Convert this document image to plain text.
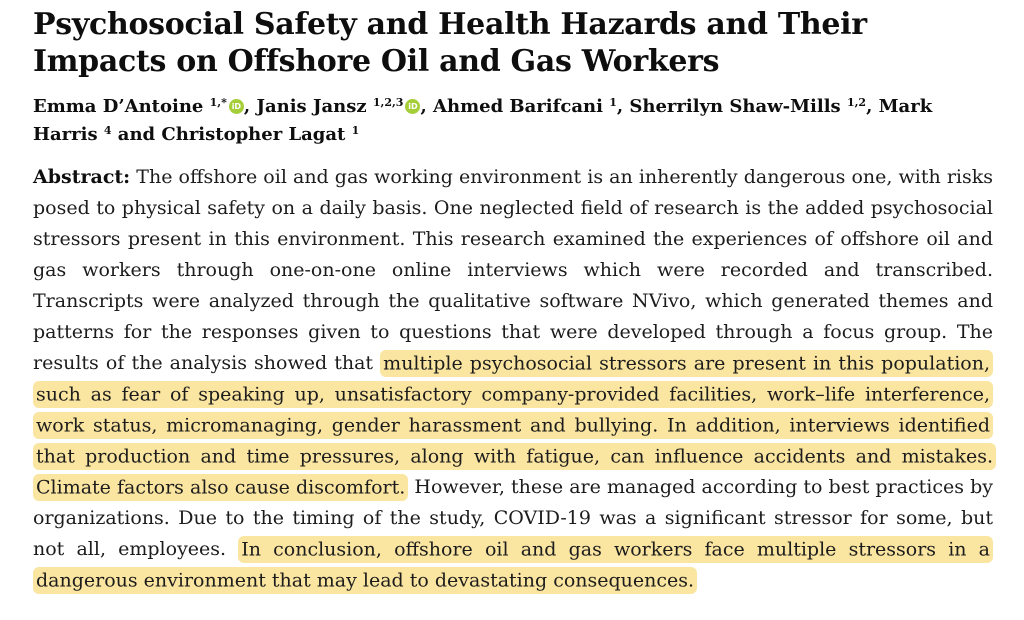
Psychosocial Safety and Health Hazards and Their Impacts on Offshore Oil and Gas Workers

Emma D’Antoine $^{1,*}$ iD , Janis Jansz $^{1,2,3}$ iD , Ahmed Barifcani $^1$, Sherrilyn Shaw-Mills $^{1,2}$, Mark Harris $^4$ and Christopher Lagat $^1$

Abstract: The offshore oil and gas working environment is an inherently dangerous one, with risks posed to physical safety on a daily basis. One neglected field of research is the added psychosocial stressors present in this environment. This research examined the experiences of offshore oil and gas workers through one-on-one online interviews which were recorded and transcribed. Transcripts were analyzed through the qualitative software NVivo, which generated themes and patterns for the responses given to questions that were developed through a focus group. The results of the analysis showed that multiple psychosocial stressors are present in this population, such as fear of speaking up, unsatisfactory company-provided facilities, work–life interference, work status, micromanaging, gender harassment and bullying. In addition, interviews identified that production and time pressures, along with fatigue, can influence accidents and mistakes. Climate factors also cause discomfort. However, these are managed according to best practices by organizations. Due to the timing of the study, COVID-19 was a significant stressor for some, but not all, employees. In conclusion, offshore oil and gas workers face multiple stressors in a dangerous environment that may lead to devastating consequences.
